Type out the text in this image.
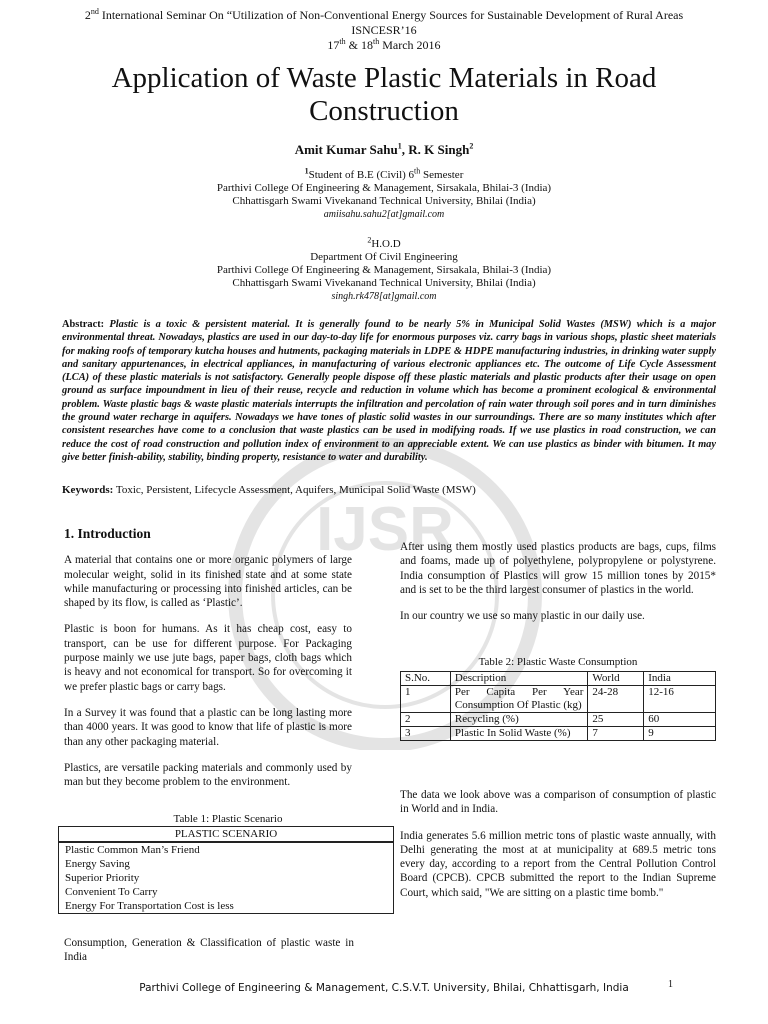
2nd International Seminar On “Utilization of Non-Conventional Energy Sources for Sustainable Development of Rural Areas
ISNCESR’16
17th & 18th March 2016
Application of Waste Plastic Materials in Road Construction
Amit Kumar Sahu$^1$, R. K Singh$^2$
$^1$Student of B.E (Civil) 6th Semester
Parthivi College Of Engineering & Management, Sirsakala, Bhilai-3 (India)
Chhattisgarh Swami Vivekanand Technical University, Bhilai (India)
amiisahu.sahu2[at]gmail.com
$^2$H.O.D
Department Of Civil Engineering
Parthivi College Of Engineering & Management, Sirsakala, Bhilai-3 (India)
Chhattisgarh Swami Vivekanand Technical University, Bhilai (India)
singh.rk478[at]gmail.com
Abstract: Plastic is a toxic & persistent material. It is generally found to be nearly 5% in Municipal Solid Wastes (MSW) which is a major environmental threat. Nowadays, plastics are used in our day-to-day life for enormous purposes viz. carry bags in various shops, plastic sheet materials for making roofs of temporary kutcha houses and hutments, packaging materials in LDPE & HDPE manufacturing industries, in drinking water supply and sanitary appurtenances, in electrical appliances, in manufacturing of various electronic appliances etc. The outcome of Life Cycle Assessment (LCA) of these plastic materials is not satisfactory. Generally people dispose off these plastic materials and plastic products after their usage on open ground as surface impoundment in lieu of their reuse, recycle and reduction in volume which has become a prominent ecological & environmental problem. Waste plastic bags & waste plastic materials interrupts the infiltration and percolation of rain water through soil pores and in turn diminishes the ground water recharge in aquifers. Nowadays we have tones of plastic solid wastes in our surroundings. There are so many institutes which after consistent researches have come to a conclusion that waste plastics can be used in modifying roads. If we use plastics in road construction, we can reduce the cost of road construction and pollution index of environment to an appreciable extent. We can use plastics as binder with bitumen. It may give better finish-ability, stability, binding property, resistance to water and durability.
Keywords: Toxic, Persistent, Lifecycle Assessment, Aquifers, Municipal Solid Waste (MSW)
IJSR
1. Introduction

A material that contains one or more organic polymers of large molecular weight, solid in its finished state and at some state while manufacturing or processing into finished articles, can be shaped by its flow, is called as ‘Plastic’.

Plastic is boon for humans. As it has cheap cost, easy to transport, can be use for different purpose. For Packaging purpose mainly we use jute bags, paper bags, cloth bags which is heavy and not economical for transport. So for overcoming it we prefer plastic bags or carry bags.

In a Survey it was found that a plastic can be long lasting more than 4000 years. It was good to know that life of plastic is more than any other packaging material.

Plastics, are versatile packing materials and commonly used by man but they become problem to the environment.

Table 1: Plastic Scenario
PLASTIC SCENARIO
Plastic Common Man’s Friend
Energy Saving
Superior Priority
Convenient To Carry
Energy For Transportation Cost is less
Consumption, Generation & Classification of plastic waste in India

After using them mostly used plastics products are bags, cups, films and foams, made up of polyethylene, polypropylene or polystyrene. India consumption of Plastics will grow 15 million tones by 2015* and is set to be the third largest consumer of plastics in the world.

In our country we use so many plastic in our daily use.

Table 2: Plastic Waste Consumption
S.No.	Description	World	India
1	Per Capita Per Year Consumption Of Plastic (kg)	24-28	12-16
2	Recycling (%)	25	60
3	Plastic In Solid Waste (%)	7	9

The data we look above was a comparison of consumption of plastic in World and in India.

India generates 5.6 million metric tons of plastic waste annually, with Delhi generating the most at at municipality at 689.5 metric tons every day, according to a report from the Central Pollution Control Board (CPCB). CPCB submitted the report to the Indian Supreme Court, which said, "We are sitting on a plastic time bomb."

Parthivi College of Engineering & Management, C.S.V.T. University, Bhilai, Chhattisgarh, India	1
